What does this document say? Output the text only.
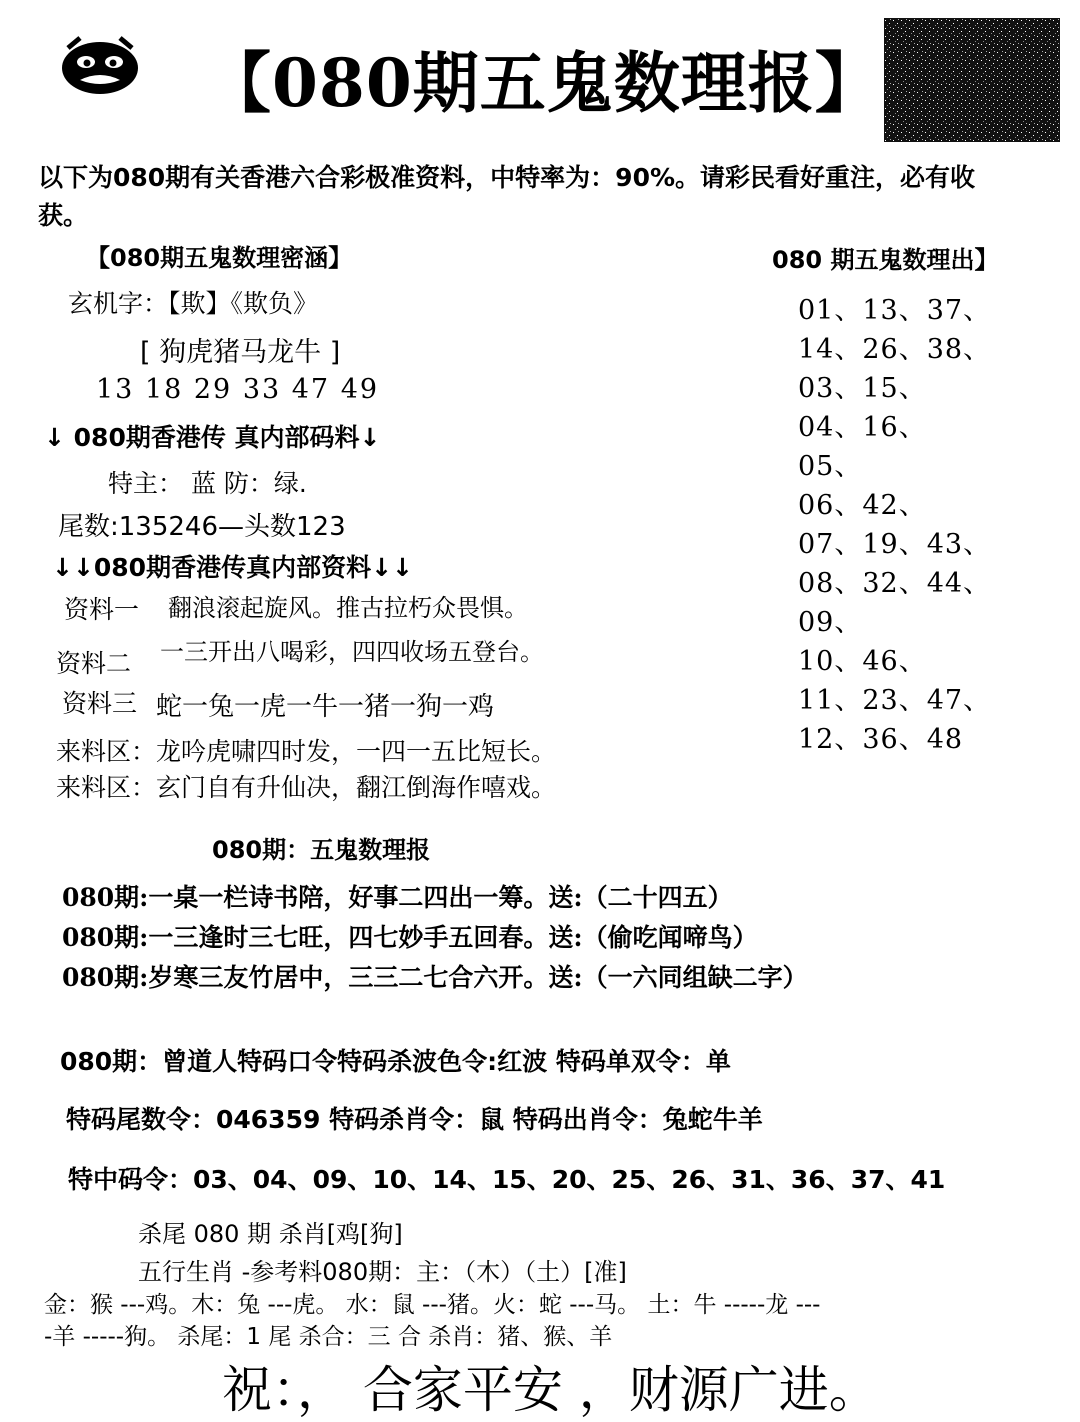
【080期五鬼数理报】
以下为080期有关香港六合彩极准资料，中特率为：90%。请彩民看好重注，必有收
获。
【080期五鬼数理密涵】
玄机字：【欺】《欺负》
[ 狗虎猪马龙牛 ]
13 18 29 33 47 49
↓ 080期香港传 真内部码料↓
特主： 蓝 防：绿.
尾数:135246—头数123
↓↓080期香港传真内部资料↓↓
资料一 翻浪滚起旋风。推古拉朽众畏惧。
资料二 一三开出八喝彩，四四收场五登台。
资料三 蛇一兔一虎一牛一猪一狗一鸡
来料区：龙吟虎啸四时发，一四一五比短长。
来料区：玄门自有升仙决，翻江倒海作嘻戏。
080 期五鬼数理出】
01、13、37、
14、26、38、
03、15、
04、16、
05、
06、42、
07、19、43、
08、32、44、
09、
10、46、
11、23、47、
12、36、48
080期：五鬼数理报
080期:一桌一栏诗书陪，好事二四出一筹。送:（二十四五）
080期:一三逢时三七旺，四七妙手五回春。送:（偷吃闻啼鸟）
080期:岁寒三友竹居中，三三二七合六开。送:（一六同组缺二字）
080期：曾道人特码口令特码杀波色令:红波 特码单双令：单
特码尾数令：046359 特码杀肖令：鼠 特码出肖令：兔蛇牛羊
特中码令：03、04、09、10、14、15、20、25、26、31、36、37、41
杀尾 080 期 杀肖[鸡[狗]
五行生肖 -参考料080期：主：（木）（土）[准]
金：猴 ---鸡。木：兔 ---虎。 水：鼠 ---猪。火：蛇 ---马。 土：牛 -----龙 ---
-羊 -----狗。 杀尾：1 尾 杀合：三 合 杀肖：猪、猴、羊
祝：， 合家平安 ，财源广进。
